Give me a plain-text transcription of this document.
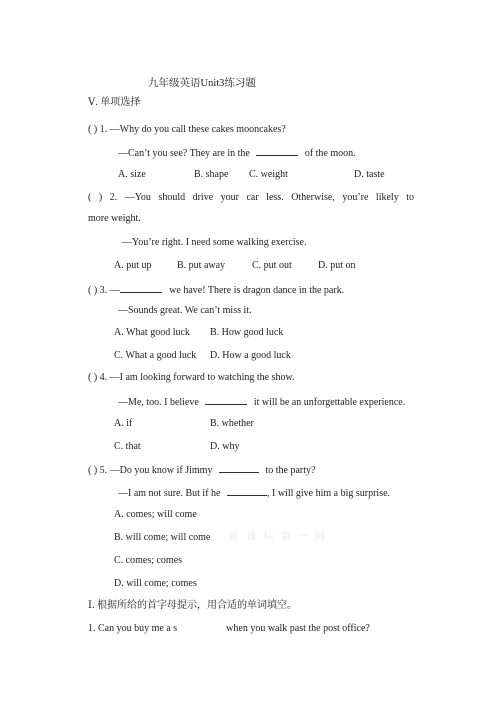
九年级英语Unit3练习题
Ⅴ. 单项选择
( ) 1. —Why do you call these cakes mooncakes?
—Can’t you see? They are in the	of the moon.
A. size	B. shape C. weight	D. taste
( ) 2. —You should drive your car less. Otherwise, you’re likely to
more weight.
—You’re right. I need some walking exercise.
A. put up	B. put away	C. put out	D. put on
( ) 3. —	we have! There is dragon dance in the park.
—Sounds great. We can’t miss it.
A. What good luck B. How good luck
C. What a good luck D. How a good luck
( ) 4. —I am looking forward to watching the show.
—Me, too. I believe	it will be an unforgettable experience.
A. if	B. whether
C. that	D. why
( ) 5. —Do you know if Jimmy	to the party?
—I am not sure. But if he	, I will give him a big surprise.
A. comes; will come
B. will come; will come 新 课 标 第 一 网
C. comes; comes
D. will come; comes
Ⅰ. 根据所给的首字母提示，用合适的单词填空。
1. Can you buy me a s	when you walk past the post office?
